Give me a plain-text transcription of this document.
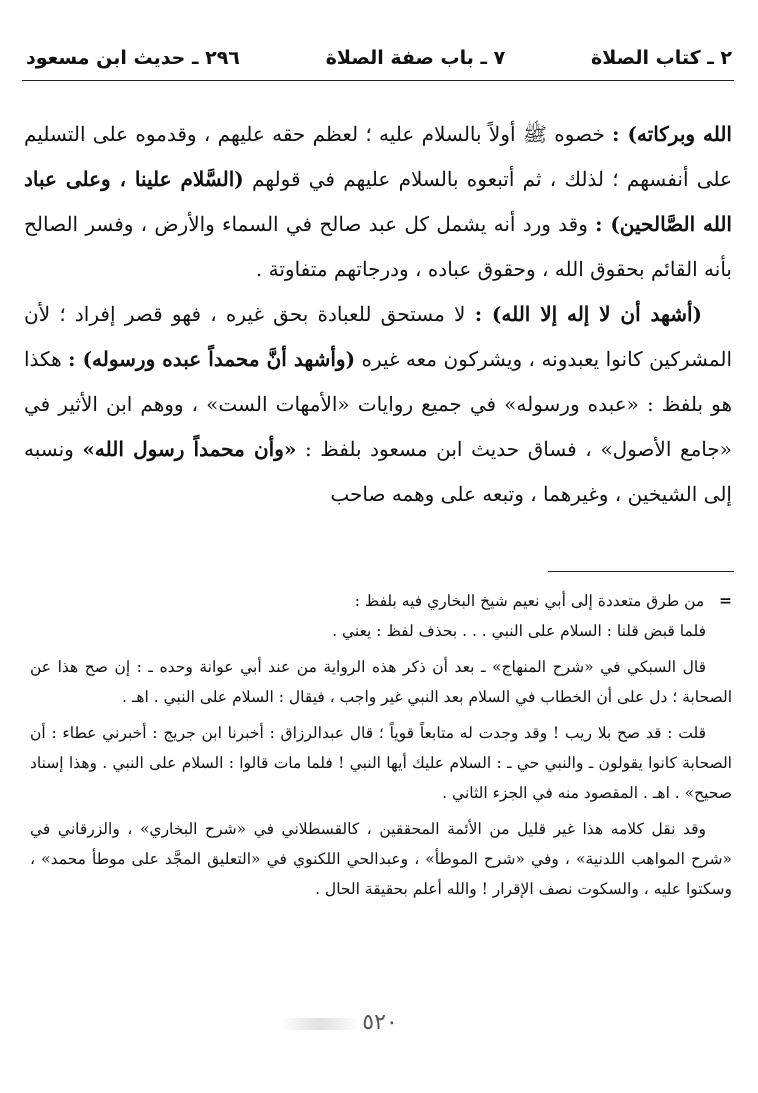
٢ ـ كتاب الصلاة
٧ ـ باب صفة الصلاة
٢٩٦ ـ حديث ابن مسعود

الله وبركاته) : خصوه ﷺ أولاً بالسلام عليه ؛ لعظم حقه عليهم ، وقدموه على التسليم على أنفسهم ؛ لذلك ، ثم أتبعوه بالسلام عليهم في قولهم (السَّلام علينا ، وعلى عباد الله الصَّالحين) : وقد ورد أنه يشمل كل عبد صالح في السماء والأرض ، وفسر الصالح بأنه القائم بحقوق الله ، وحقوق عباده ، ودرجاتهم متفاوتة .

(أشهد أن لا إله إلا الله) : لا مستحق للعبادة بحق غيره ، فهو قصر إفراد ؛ لأن المشركين كانوا يعبدونه ، ويشركون معه غيره (وأشهد أنَّ محمداً عبده ورسوله) : هكذا هو بلفظ : «عبده ورسوله» في جميع روايات «الأمهات الست» ، ووهم ابن الأثير في «جامع الأصول» ، فساق حديث ابن مسعود بلفظ : «وأن محمداً رسول الله» ونسبه إلى الشيخين ، وغيرهما ، وتبعه على وهمه صاحب

=   من طرق متعددة إلى أبي نعيم شيخ البخاري فيه بلفظ :

فلما قبض قلنا : السلام على النبي . . . بحذف لفظ : يعني .

قال السبكي في «شرح المنهاج» ـ بعد أن ذكر هذه الرواية من عند أبي عوانة وحده ـ : إن صح هذا عن الصحابة ؛ دل على أن الخطاب في السلام بعد النبي غير واجب ، فيقال : السلام على النبي . اهـ .

قلت : قد صح بلا ريب ! وقد وجدت له متابعاً قوياً ؛ قال عبدالرزاق : أخبرنا ابن جريج : أخبرني عطاء : أن الصحابة كانوا يقولون ـ والنبي حي ـ : السلام عليك أيها النبي ! فلما مات قالوا : السلام على النبي . وهذا إسناد صحيح» . اهـ . المقصود منه في الجزء الثاني .

وقد نقل كلامه هذا غير قليل من الأئمة المحققين ، كالقسطلاني في «شرح البخاري» ، والزرقاني في «شرح المواهب اللدنية» ، وفي «شرح الموطأ» ، وعبدالحي اللكنوي في «التعليق المجَّد على موطأ محمد» ، وسكتوا عليه ، والسكوت نصف الإقرار ! والله أعلم بحقيقة الحال .

٥٢٠
